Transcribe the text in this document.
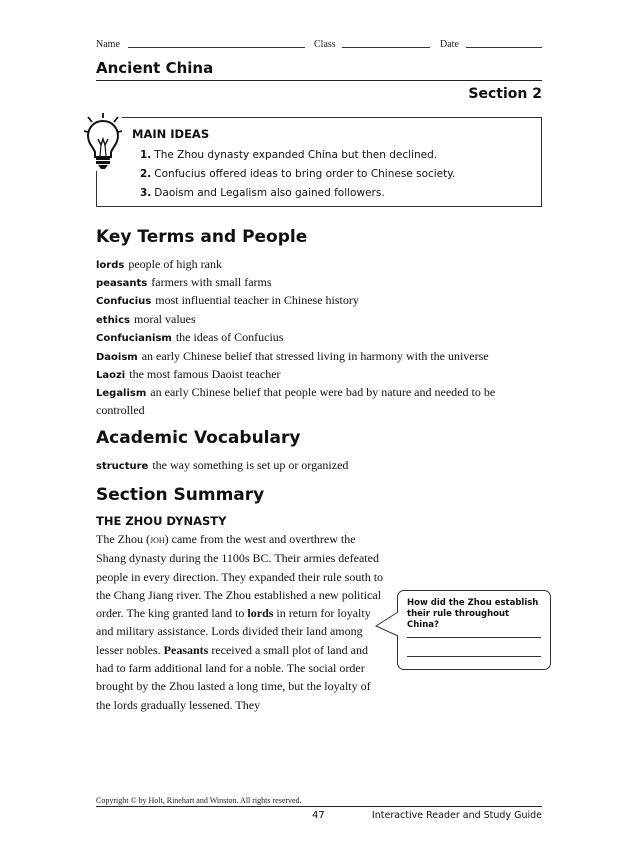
Name	Class	Date
Ancient China
Section 2
MAIN IDEAS
1. The Zhou dynasty expanded China but then declined.
2. Confucius offered ideas to bring order to Chinese society.
3. Daoism and Legalism also gained followers.
Key Terms and People
lords people of high rank
peasants farmers with small farms
Confucius most influential teacher in Chinese history
ethics moral values
Confucianism the ideas of Confucius
Daoism an early Chinese belief that stressed living in harmony with the universe
Laozi the most famous Daoist teacher
Legalism an early Chinese belief that people were bad by nature and needed to be controlled
Academic Vocabulary
structure the way something is set up or organized
Section Summary
THE ZHOU DYNASTY
The Zhou (joh) came from the west and overthrew the Shang dynasty during the 1100s BC. Their armies defeated people in every direction. They expanded their rule south to the Chang Jiang river. The Zhou established a new political order. The king granted land to lords in return for loyalty and military assistance. Lords divided their land among lesser nobles. Peasants received a small plot of land and had to farm additional land for a noble. The social order brought by the Zhou lasted a long time, but the loyalty of the lords gradually lessened. They
How did the Zhou establish their rule throughout China?
Copyright © by Holt, Rinehart and Winston. All rights reserved.
47	Interactive Reader and Study Guide
